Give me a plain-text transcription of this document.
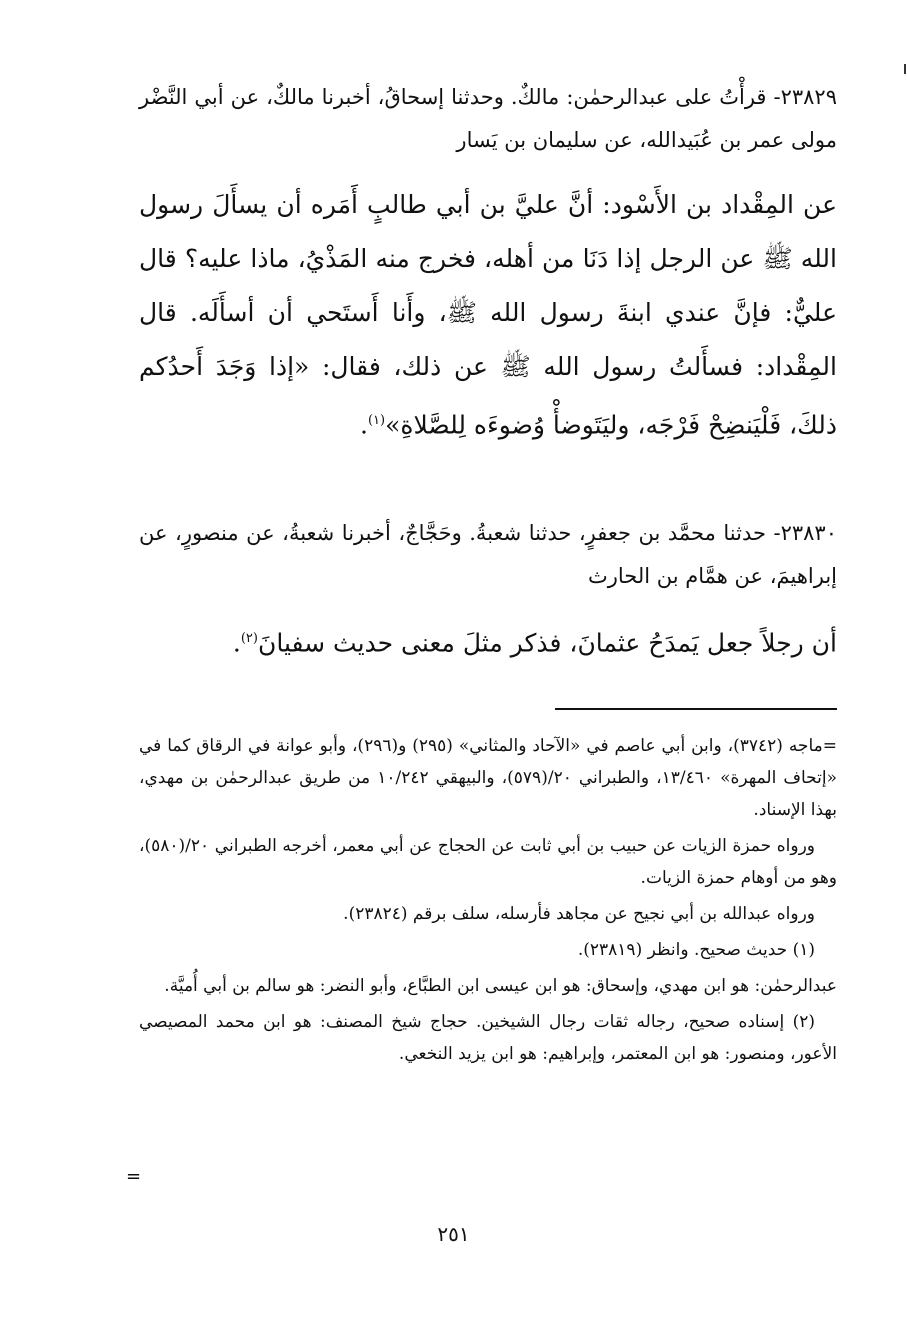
٢٣٨٢٩- قرأْتُ على عبدالرحمٰن: مالكٌ. وحدثنا إسحاقُ، أخبرنا مالكٌ، عن أبي النَّضْر مولى عمر بن عُبَيدالله، عن سليمان بن يَسار

عن المِقْداد بن الأَسْود: أنَّ عليَّ بن أبي طالبٍ أَمَره أن يسأَلَ رسول الله ﷺ عن الرجل إذا دَنَا من أهله، فخرج منه المَذْيُ، ماذا عليه؟ قال عليٌّ: فإنَّ عندي ابنةَ رسول الله ﷺ، وأَنا أَستَحي أن أسأَلَه. قال المِقْداد: فسأَلتُ رسول الله ﷺ عن ذلك، فقال: «إذا وَجَدَ أَحدُكم ذلكَ، فَلْيَنضِحْ فَرْجَه، وليَتَوضأْ وُضوءَه لِلصَّلاةِ»$^{(١)}$.

٢٣٨٣٠- حدثنا محمَّد بن جعفرٍ، حدثنا شعبةُ. وحَجَّاجٌ، أخبرنا شعبةُ، عن منصورٍ، عن إبراهيمَ، عن همَّام بن الحارث

أن رجلاً جعل يَمدَحُ عثمانَ، فذكر مثلَ معنى حديث سفيانَ$^{(٢)}$.

=ماجه (٣٧٤٢)، وابن أبي عاصم في «الآحاد والمثاني» (٢٩٥) و(٢٩٦)، وأبو عوانة في الرقاق كما في «إتحاف المهرة» ١٣/٤٦٠، والطبراني ٢٠/(٥٧٩)، والبيهقي ١٠/٢٤٢ من طريق عبدالرحمٰن بن مهدي، بهذا الإسناد.

ورواه حمزة الزيات عن حبيب بن أبي ثابت عن الحجاج عن أبي معمر، أخرجه الطبراني ٢٠/(٥٨٠)، وهو من أوهام حمزة الزيات.

ورواه عبدالله بن أبي نجيح عن مجاهد فأرسله، سلف برقم (٢٣٨٢٤).

(١) حديث صحيح. وانظر (٢٣٨١٩).

عبدالرحمٰن: هو ابن مهدي، وإسحاق: هو ابن عيسى ابن الطبَّاع، وأبو النضر: هو سالم بن أبي أُميَّة.

(٢) إسناده صحيح، رجاله ثقات رجال الشيخين. حجاج شيخ المصنف: هو ابن محمد المصيصي الأعور، ومنصور: هو ابن المعتمر، وإبراهيم: هو ابن يزيد النخعي.

=
٢٥١
